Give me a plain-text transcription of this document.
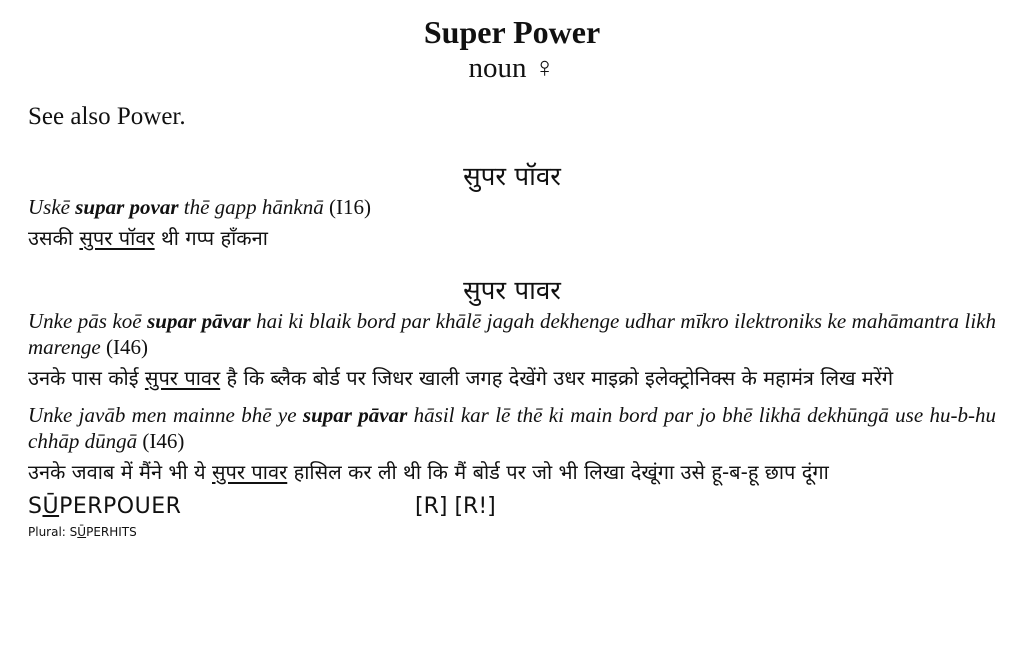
Super Power
noun ♀
See also Power.
सुपर पॉवर
Uskē supar povar thē gapp hānknā (I16)
उसकी सुपर पॉवर थी गप्प हाँकना
सुपर पावर
Unke pās koē supar pāvar hai ki blaik bord par khālē jagah dekhenge udhar mīkro ilektroniks ke mahāmantra likh marenge (I46)
उनके पास कोई सुपर पावर है कि ब्लैक बोर्ड पर जिधर खाली जगह देखेंगे उधर माइक्रो इलेक्ट्रोनिक्स के महामंत्र लिख मरेंगे
Unke javāb men mainne bhē ye supar pāvar hāsil kar lē thē ki main bord par jo bhē likhā dekhūngā use hu-b-hu chhāp dūngā (I46)
उनके जवाब में मैंने भी ये सुपर पावर हासिल कर ली थी कि मैं बोर्ड पर जो भी लिखा देखूंगा उसे हू-ब-हू छाप दूंगा
SŪPERPOUER	[R] [R!]
Plural: SŪPERHITS
